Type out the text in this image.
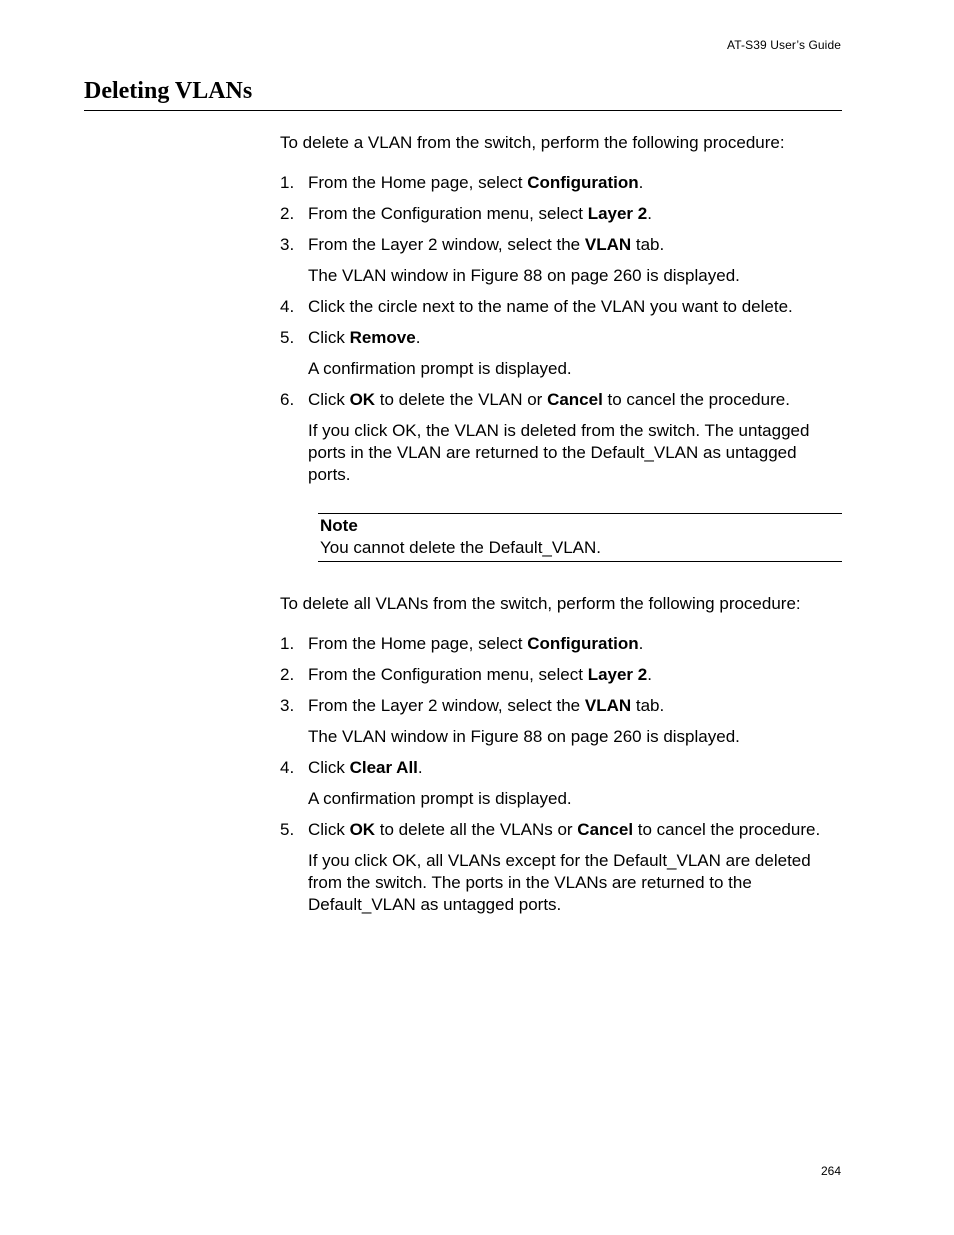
AT-S39 User’s Guide
Deleting VLANs

To delete a VLAN from the switch, perform the following procedure:

1. From the Home page, select Configuration.
2. From the Configuration menu, select Layer 2.
3. From the Layer 2 window, select the VLAN tab.

The VLAN window in Figure 88 on page 260 is displayed.

4. Click the circle next to the name of the VLAN you want to delete.
5. Click Remove.

A confirmation prompt is displayed.

6. Click OK to delete the VLAN or Cancel to cancel the procedure.

If you click OK, the VLAN is deleted from the switch. The untagged ports in the VLAN are returned to the Default_VLAN as untagged ports.

Note
You cannot delete the Default_VLAN.

To delete all VLANs from the switch, perform the following procedure:

1. From the Home page, select Configuration.
2. From the Configuration menu, select Layer 2.
3. From the Layer 2 window, select the VLAN tab.

The VLAN window in Figure 88 on page 260 is displayed.

4. Click Clear All.

A confirmation prompt is displayed.

5. Click OK to delete all the VLANs or Cancel to cancel the procedure.

If you click OK, all VLANs except for the Default_VLAN are deleted from the switch. The ports in the VLANs are returned to the Default_VLAN as untagged ports.

264
